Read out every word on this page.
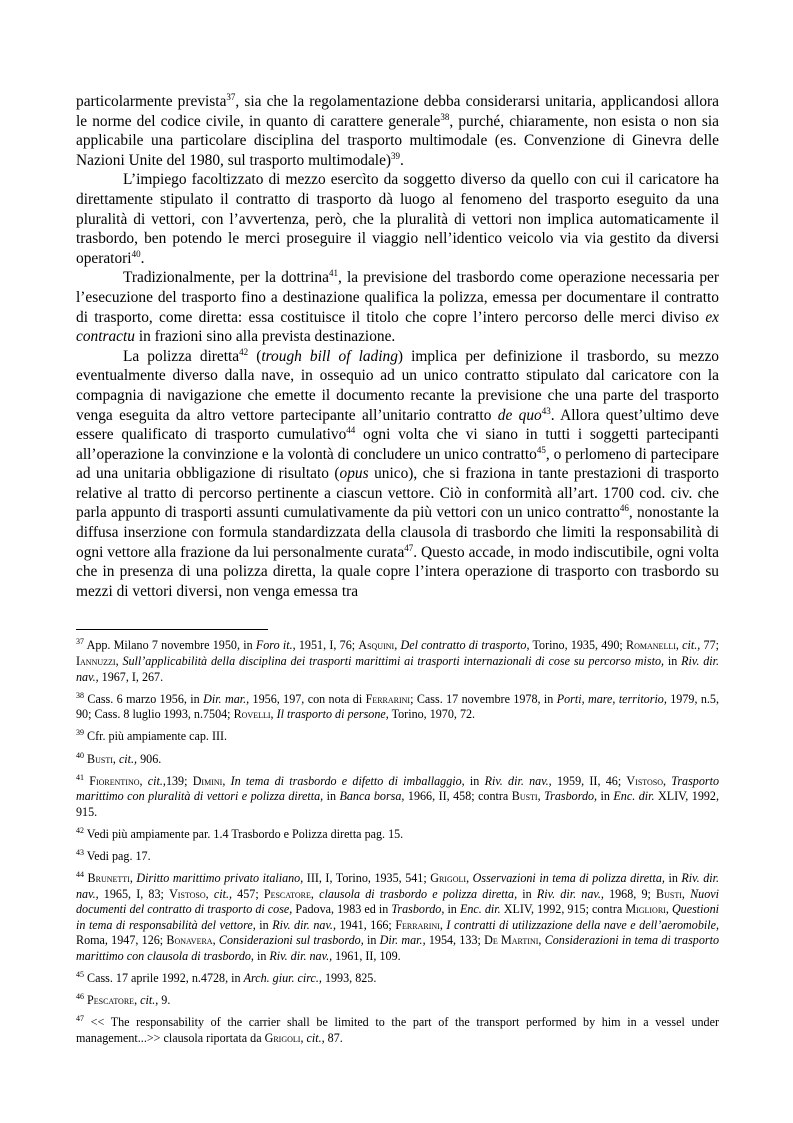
particolarmente prevista$^{37}$, sia che la regolamentazione debba considerarsi unitaria, applicandosi allora le norme del codice civile, in quanto di carattere generale$^{38}$, purché, chiaramente, non esista o non sia applicabile una particolare disciplina del trasporto multimodale (es. Convenzione di Ginevra delle Nazioni Unite del 1980, sul trasporto multimodale)$^{39}$.

L’impiego facoltizzato di mezzo esercìto da soggetto diverso da quello con cui il caricatore ha direttamente stipulato il contratto di trasporto dà luogo al fenomeno del trasporto eseguito da una pluralità di vettori, con l’avvertenza, però, che la pluralità di vettori non implica automaticamente il trasbordo, ben potendo le merci proseguire il viaggio nell’identico veicolo via via gestito da diversi operatori$^{40}$.

Tradizionalmente, per la dottrina$^{41}$, la previsione del trasbordo come operazione necessaria per l’esecuzione del trasporto fino a destinazione qualifica la polizza, emessa per documentare il contratto di trasporto, come diretta: essa costituisce il titolo che copre l’intero percorso delle merci diviso ex contractu in frazioni sino alla prevista destinazione.

La polizza diretta$^{42}$ (trough bill of lading) implica per definizione il trasbordo, su mezzo eventualmente diverso dalla nave, in ossequio ad un unico contratto stipulato dal caricatore con la compagnia di navigazione che emette il documento recante la previsione che una parte del trasporto venga eseguita da altro vettore partecipante all’unitario contratto de quo$^{43}$. Allora quest’ultimo deve essere qualificato di trasporto cumulativo$^{44}$ ogni volta che vi siano in tutti i soggetti partecipanti all’operazione la convinzione e la volontà di concludere un unico contratto$^{45}$, o perlomeno di partecipare ad una unitaria obbligazione di risultato (opus unico), che si fraziona in tante prestazioni di trasporto relative al tratto di percorso pertinente a ciascun vettore. Ciò in conformità all’art. 1700 cod. civ. che parla appunto di trasporti assunti cumulativamente da più vettori con un unico contratto$^{46}$, nonostante la diffusa inserzione con formula standardizzata della clausola di trasbordo che limiti la responsabilità di ogni vettore alla frazione da lui personalmente curata$^{47}$. Questo accade, in modo indiscutibile, ogni volta che in presenza di una polizza diretta, la quale copre l’intera operazione di trasporto con trasbordo su mezzi di vettori diversi, non venga emessa tra

$^{37}$ App. Milano 7 novembre 1950, in Foro it., 1951, I, 76; Asquini, Del contratto di trasporto, Torino, 1935, 490; Romanelli, cit., 77; Iannuzzi, Sull’applicabilità della disciplina dei trasporti marittimi ai trasporti internazionali di cose su percorso misto, in Riv. dir. nav., 1967, I, 267.

$^{38}$ Cass. 6 marzo 1956, in Dir. mar., 1956, 197, con nota di Ferrarini; Cass. 17 novembre 1978, in Porti, mare, territorio, 1979, n.5, 90; Cass. 8 luglio 1993, n.7504; Rovelli, Il trasporto di persone, Torino, 1970, 72.

$^{39}$ Cfr. più ampiamente cap. III.

$^{40}$ Busti, cit., 906.

$^{41}$ Fiorentino, cit.,139; Dimini, In tema di trasbordo e difetto di imballaggio, in Riv. dir. nav., 1959, II, 46; Vistoso, Trasporto marittimo con pluralità di vettori e polizza diretta, in Banca borsa, 1966, II, 458; contra Busti, Trasbordo, in Enc. dir. XLIV, 1992, 915.

$^{42}$ Vedi più ampiamente par. 1.4 Trasbordo e Polizza diretta pag. 15.

$^{43}$ Vedi pag. 17.

$^{44}$ Brunetti, Diritto marittimo privato italiano, III, I, Torino, 1935, 541; Grigoli, Osservazioni in tema di polizza diretta, in Riv. dir. nav., 1965, I, 83; Vistoso, cit., 457; Pescatore, clausola di trasbordo e polizza diretta, in Riv. dir. nav., 1968, 9; Busti, Nuovi documenti del contratto di trasporto di cose, Padova, 1983 ed in Trasbordo, in Enc. dir. XLIV, 1992, 915; contra Migliori, Questioni in tema di responsabilità del vettore, in Riv. dir. nav., 1941, 166; Ferrarini, I contratti di utilizzazione della nave e dell’aeromobile, Roma, 1947, 126; Bonavera, Considerazioni sul trasbordo, in Dir. mar., 1954, 133; De Martini, Considerazioni in tema di trasporto marittimo con clausola di trasbordo, in Riv. dir. nav., 1961, II, 109.

$^{45}$ Cass. 17 aprile 1992, n.4728, in Arch. giur. circ., 1993, 825.

$^{46}$ Pescatore, cit., 9.

$^{47}$ << The responsability of the carrier shall be limited to the part of the transport performed by him in a vessel under management...>> clausola riportata da Grigoli, cit., 87.
